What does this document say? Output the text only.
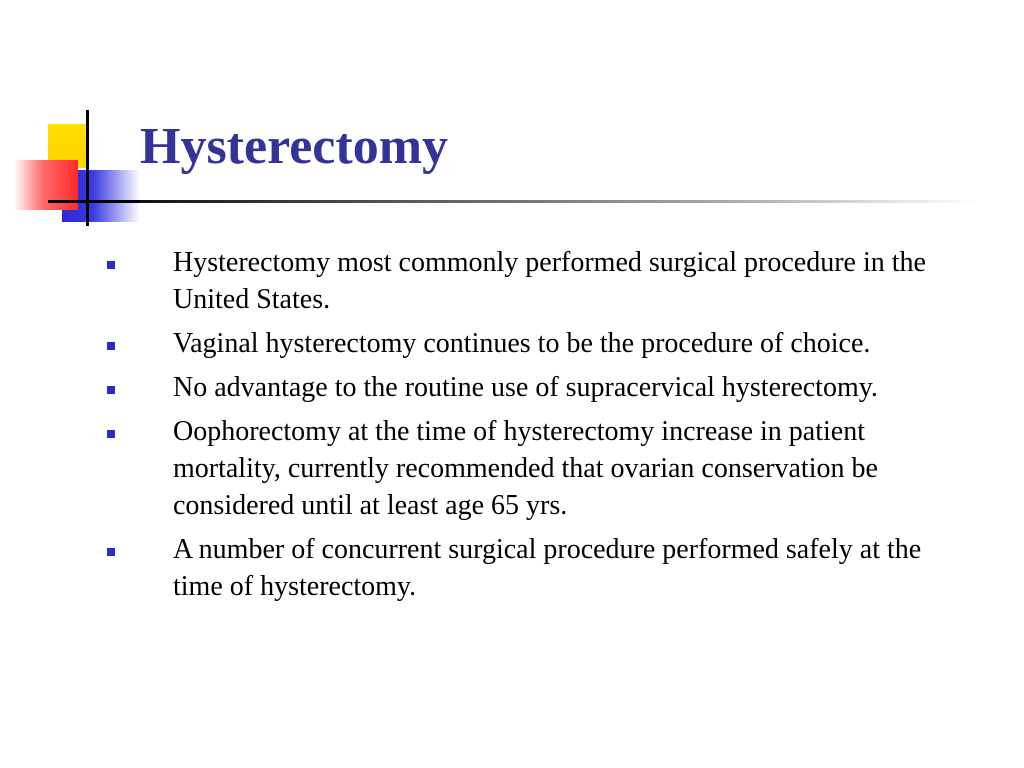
Hysterectomy
Hysterectomy most commonly performed surgical procedure in the United States.
Vaginal hysterectomy continues to be the procedure of choice.
No advantage to the routine use of supracervical hysterectomy.
Oophorectomy at the time of hysterectomy increase in patient mortality, currently recommended that ovarian conservation be considered until at least age 65 yrs.
A number of concurrent surgical procedure performed safely at the time of hysterectomy.
